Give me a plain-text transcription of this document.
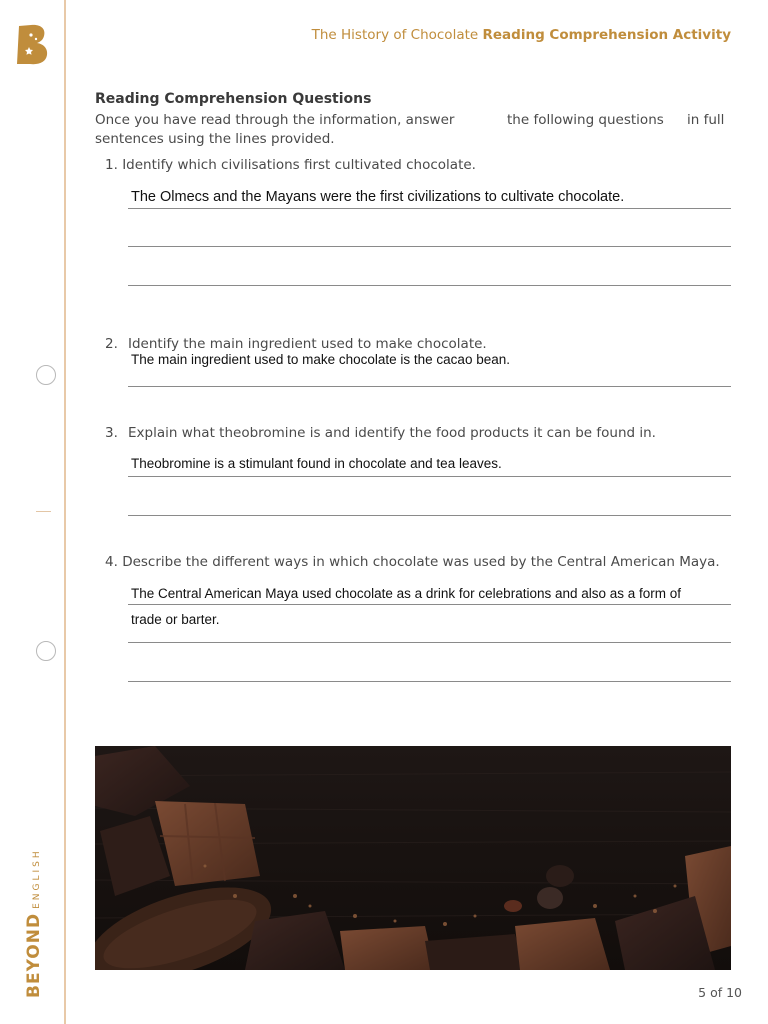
BEYONDENGLISH
The History of Chocolate Reading Comprehension Activity
Reading Comprehension Questions
Once you have read through the information, answer	the following questions in full
sentences using the lines provided.
1. Identify which civilisations first cultivated chocolate.
The Olmecs and the Mayans were the first civilizations to cultivate chocolate.
2. Identify the main ingredient used to make chocolate.
The main ingredient used to make chocolate is the cacao bean.
3. Explain what theobromine is and identify the food products it can be found in.
Theobromine is a stimulant found in chocolate and tea leaves.
4. Describe the different ways in which chocolate was used by the Central American Maya.
The Central American Maya used chocolate as a drink for celebrations and also as a form of
trade or barter.
5 of 10
